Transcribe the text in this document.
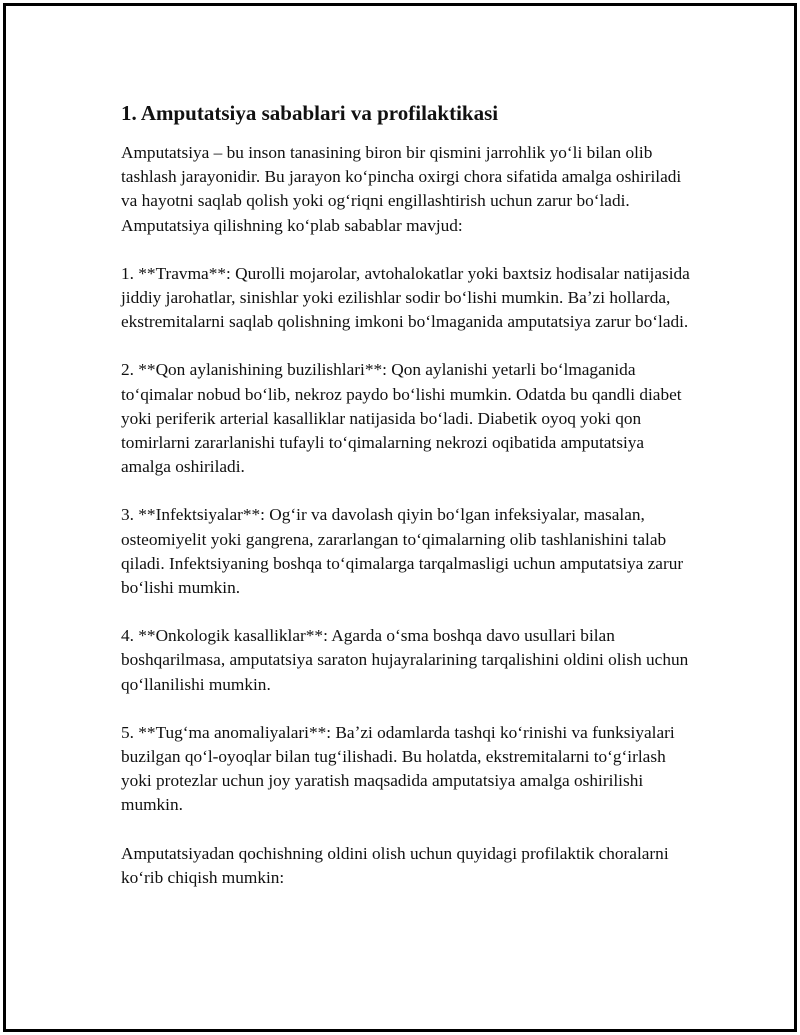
1. Amputatsiya sabablari va profilaktikasi

Amputatsiya – bu inson tanasining biron bir qismini jarrohlik yoʻli bilan olib tashlash jarayonidir. Bu jarayon koʻpincha oxirgi chora sifatida amalga oshiriladi va hayotni saqlab qolish yoki ogʻriqni engillashtirish uchun zarur boʻladi. Amputatsiya qilishning koʻplab sabablar mavjud:

1. **Travma**: Qurolli mojarolar, avtohalokatlar yoki baxtsiz hodisalar natijasida jiddiy jarohatlar, sinishlar yoki ezilishlar sodir boʻlishi mumkin. Baʼzi hollarda, ekstremitalarni saqlab qolishning imkoni boʻlmaganida amputatsiya zarur boʻladi.

2. **Qon aylanishining buzilishlari**: Qon aylanishi yetarli boʻlmaganida toʻqimalar nobud boʻlib, nekroz paydo boʻlishi mumkin. Odatda bu qandli diabet yoki periferik arterial kasalliklar natijasida boʻladi. Diabetik oyoq yoki qon tomirlarni zararlanishi tufayli toʻqimalarning nekrozi oqibatida amputatsiya amalga oshiriladi.

3. **Infektsiyalar**: Ogʻir va davolash qiyin boʻlgan infeksiyalar, masalan, osteomiyelit yoki gangrena, zararlangan toʻqimalarning olib tashlanishini talab qiladi. Infektsiyaning boshqa toʻqimalarga tarqalmasligi uchun amputatsiya zarur boʻlishi mumkin.

4. **Onkologik kasalliklar**: Agarda oʻsma boshqa davo usullari bilan boshqarilmasa, amputatsiya saraton hujayralarining tarqalishini oldini olish uchun qoʻllanilishi mumkin.

5. **Tugʻma anomaliyalari**: Baʼzi odamlarda tashqi koʻrinishi va funksiyalari buzilgan qoʻl-oyoqlar bilan tugʻilishadi. Bu holatda, ekstremitalarni toʻgʻirlash yoki protezlar uchun joy yaratish maqsadida amputatsiya amalga oshirilishi mumkin.

Amputatsiyadan qochishning oldini olish uchun quyidagi profilaktik choralarni koʻrib chiqish mumkin:
